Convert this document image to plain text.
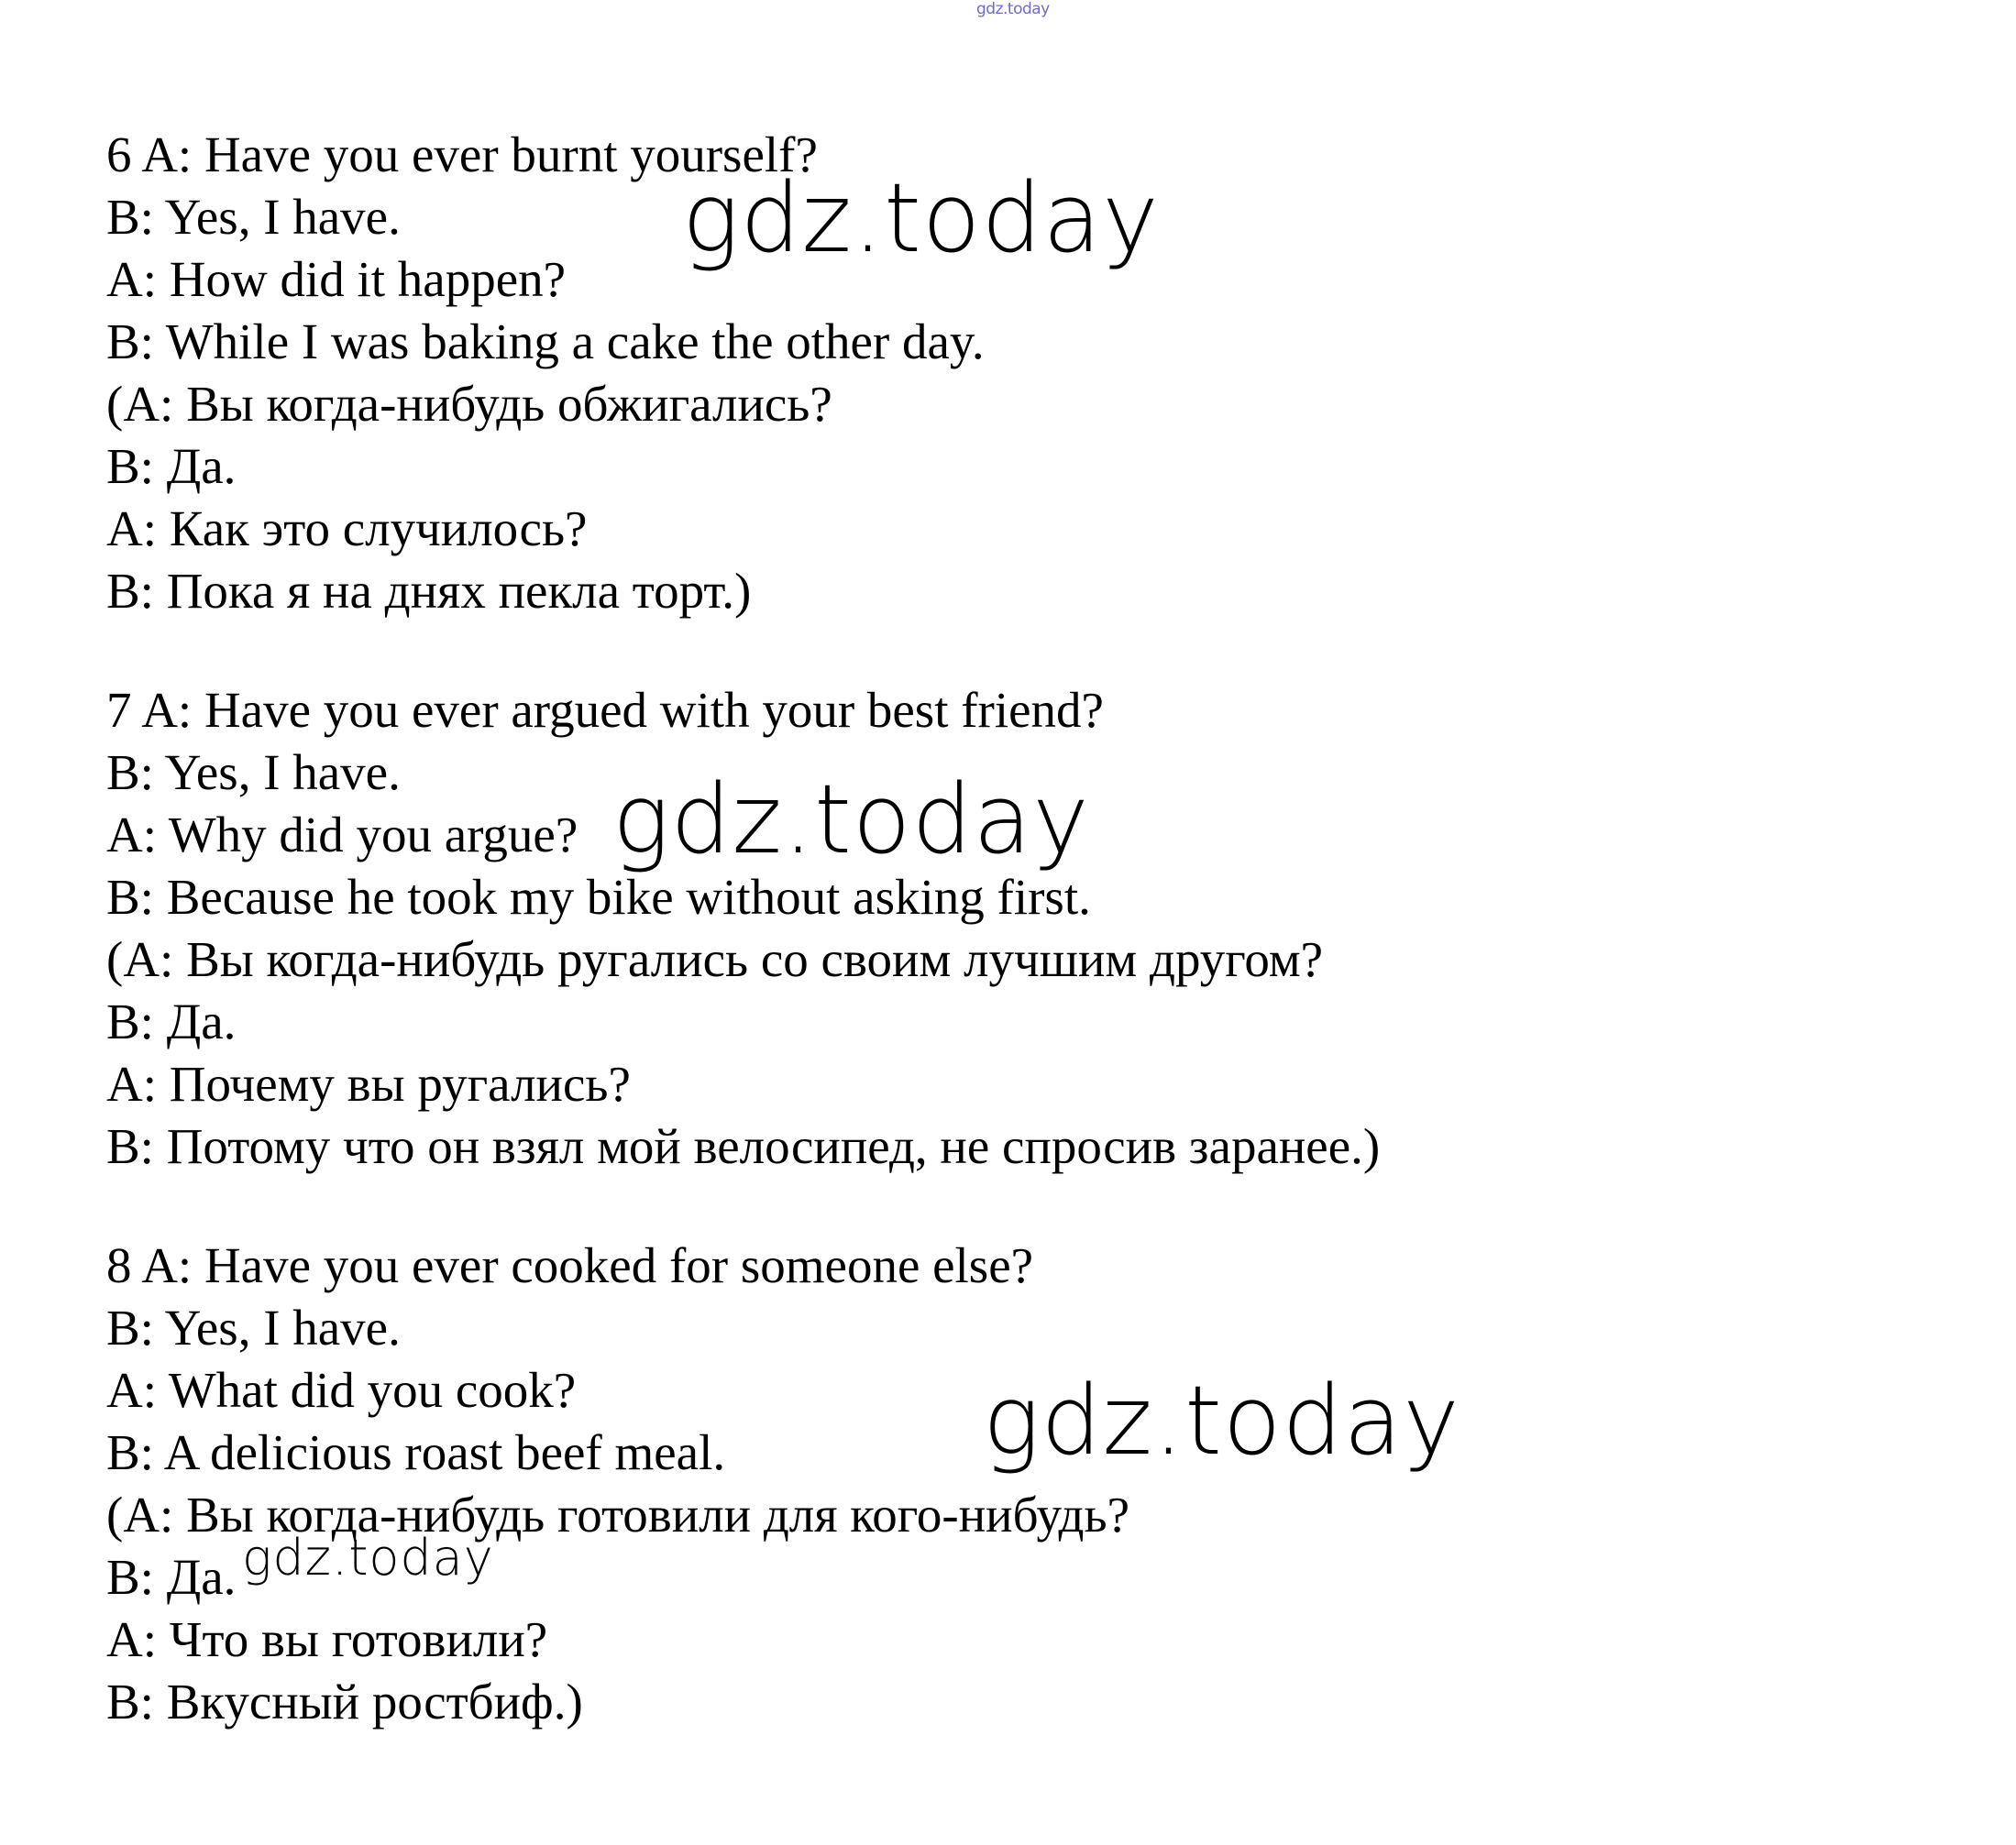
gdz.today
6 A: Have you ever burnt yourself?
B: Yes, I have.
A: How did it happen?
B: While I was baking a cake the other day.
(A: Вы когда-нибудь обжигались?
B: Да.
A: Как это случилось?
B: Пока я на днях пекла торт.)
7 A: Have you ever argued with your best friend?
B: Yes, I have.
A: Why did you argue?
B: Because he took my bike without asking first.
(A: Вы когда-нибудь ругались со своим лучшим другом?
B: Да.
A: Почему вы ругались?
B: Потому что он взял мой велосипед, не спросив заранее.)
8 A: Have you ever cooked for someone else?
B: Yes, I have.
A: What did you cook?
B: A delicious roast beef meal.
(A: Вы когда-нибудь готовили для кого-нибудь?
B: Да.
A: Что вы готовили?
B: Вкусный ростбиф.)
gdz.today
gdz.today
gdz.today
gdz.today
